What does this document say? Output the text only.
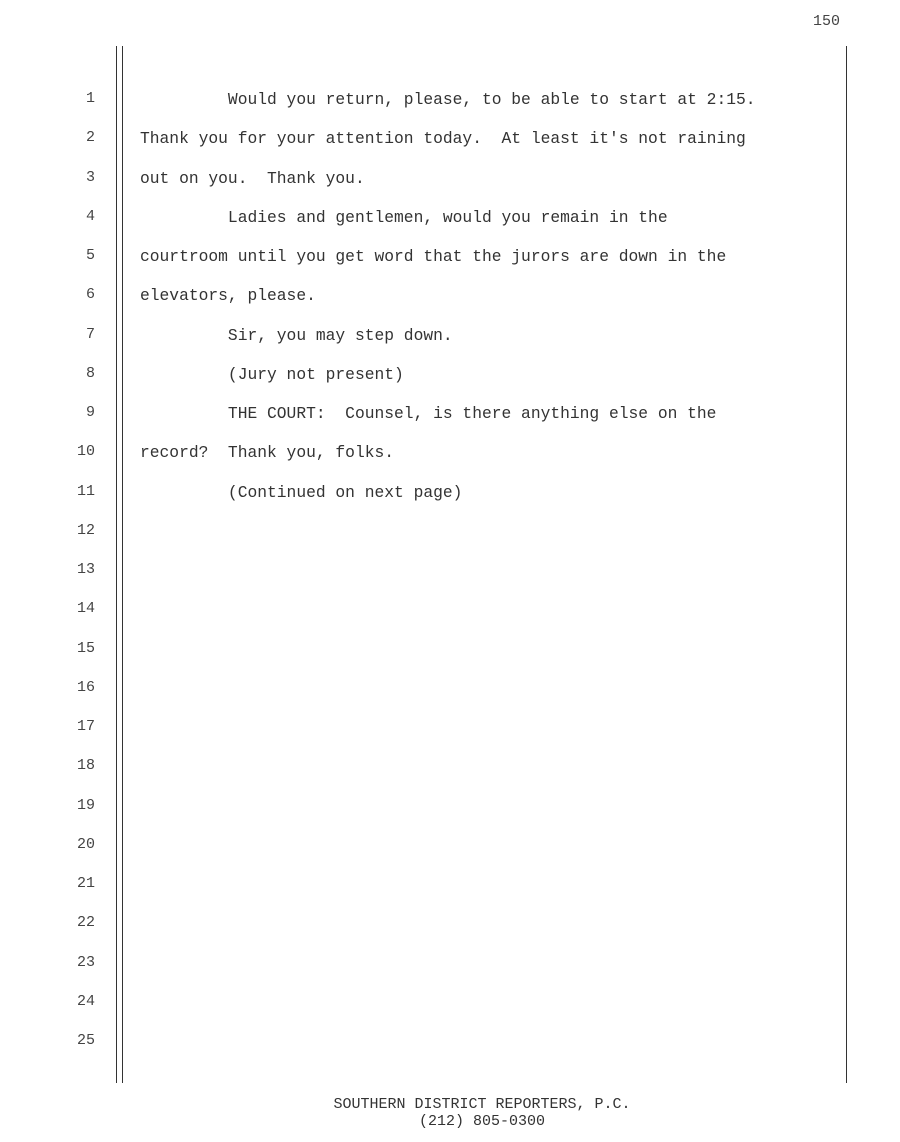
150
1	Would you return, please, to be able to start at 2:15.
2	Thank you for your attention today.  At least it's not raining
3	out on you.  Thank you.
4	Ladies and gentlemen, would you remain in the
5	courtroom until you get word that the jurors are down in the
6	elevators, please.
7	Sir, you may step down.
8	(Jury not present)
9	THE COURT:  Counsel, is there anything else on the
10	record?  Thank you, folks.
11	(Continued on next page)
12
13
14
15
16
17
18
19
20
21
22
23
24
25
SOUTHERN DISTRICT REPORTERS, P.C.
(212) 805-0300
